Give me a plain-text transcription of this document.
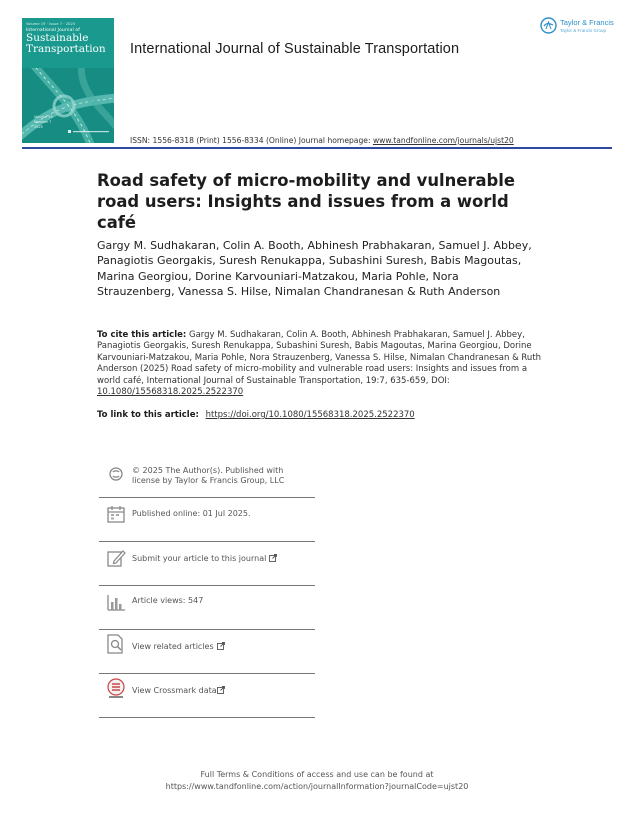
Volume 19 · Issue 7 · 2025
International Journal of
Sustainable
Transportation
Volume 19
Number 7
2025
International Journal of Sustainable Transportation
Taylor & Francis
Taylor & Francis Group
ISSN: 1556-8318 (Print) 1556-8334 (Online) Journal homepage: www.tandfonline.com/journals/ujst20
Road safety of micro-mobility and vulnerable road users: Insights and issues from a world café
Gargy M. Sudhakaran, Colin A. Booth, Abhinesh Prabhakaran, Samuel J. Abbey, Panagiotis Georgakis, Suresh Renukappa, Subashini Suresh, Babis Magoutas, Marina Georgiou, Dorine Karvouniari-Matzakou, Maria Pohle, Nora Strauzenberg, Vanessa S. Hilse, Nimalan Chandranesan & Ruth Anderson
To cite this article: Gargy M. Sudhakaran, Colin A. Booth, Abhinesh Prabhakaran, Samuel J. Abbey, Panagiotis Georgakis, Suresh Renukappa, Subashini Suresh, Babis Magoutas, Marina Georgiou, Dorine Karvouniari-Matzakou, Maria Pohle, Nora Strauzenberg, Vanessa S. Hilse, Nimalan Chandranesan & Ruth Anderson (2025) Road safety of micro-mobility and vulnerable road users: Insights and issues from a world café, International Journal of Sustainable Transportation, 19:7, 635-659, DOI: 10.1080/15568318.2025.2522370
To link to this article: https://doi.org/10.1080/15568318.2025.2522370
© 2025 The Author(s). Published with
license by Taylor & Francis Group, LLC
Published online: 01 Jul 2025.
Submit your article to this journal
Article views: 547
View related articles
View Crossmark data
Full Terms & Conditions of access and use can be found at
https://www.tandfonline.com/action/journalInformation?journalCode=ujst20
